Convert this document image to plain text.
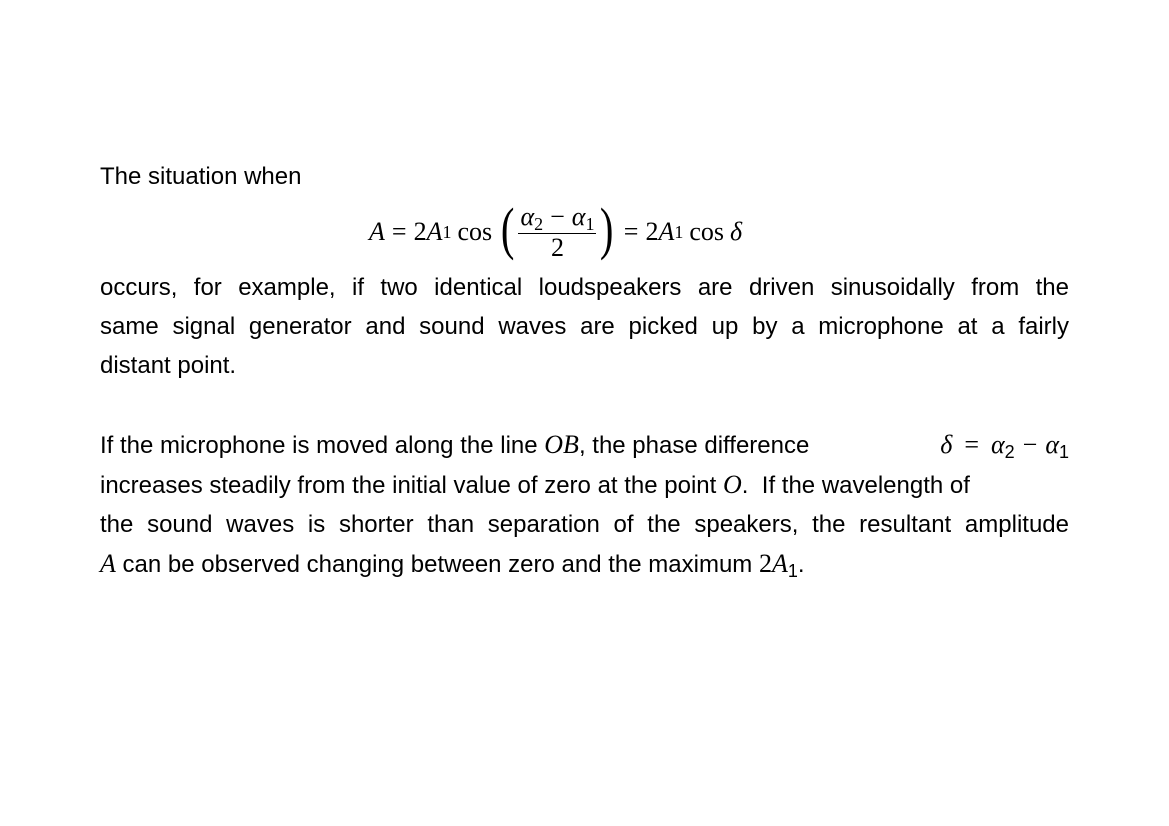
The situation when
A = 2 A 1 cos ( $\frac{\alpha_2 - \alpha_1}{2}$ ) = 2 A 1 cos δ
occurs, for example, if two identical loudspeakers are driven sinusoidally from the
same signal generator and sound waves are picked up by a microphone at a fairly
distant point.
If the microphone is moved along the line OB, the phase difference	$\delta = \alpha_2 - \alpha_1$
increases steadily from the initial value of zero at the point O.  If the wavelength of
the sound waves is shorter than separation of the speakers, the resultant amplitude
A can be observed changing between zero and the maximum $2A_1$.
